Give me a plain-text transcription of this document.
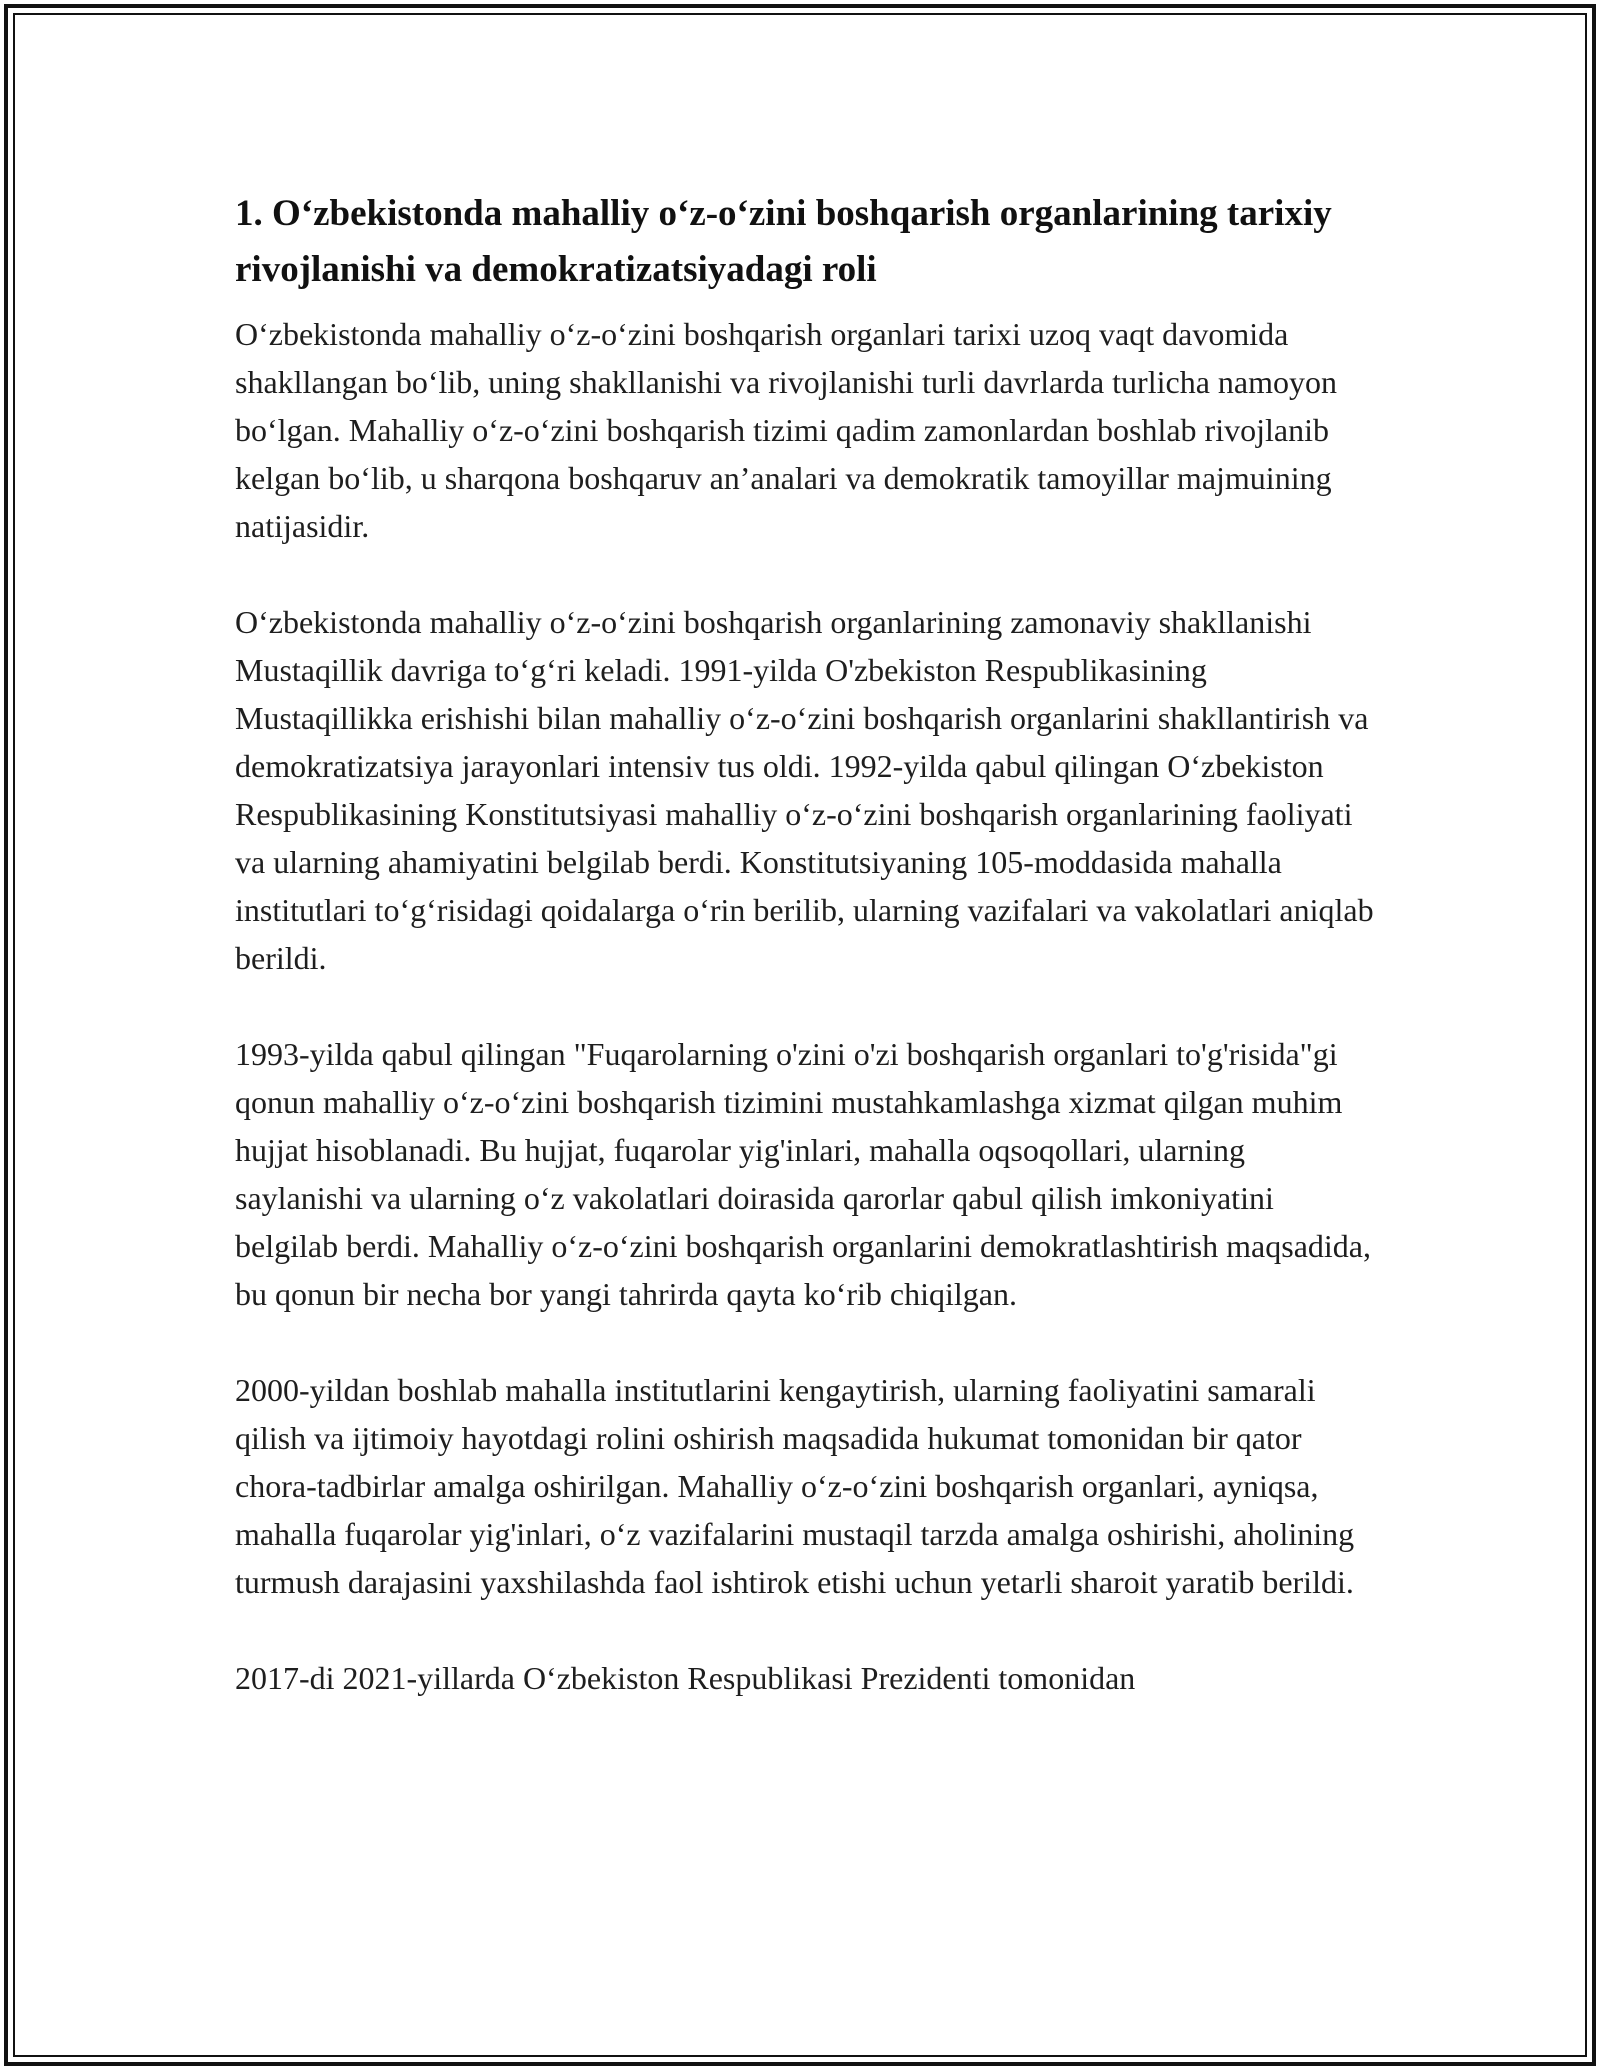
1. O‘zbekistonda mahalliy o‘z-o‘zini boshqarish organlarining tarixiy rivojlanishi va demokratizatsiyadagi roli

O‘zbekistonda mahalliy o‘z-o‘zini boshqarish organlari tarixi uzoq vaqt davomida shakllangan bo‘lib, uning shakllanishi va rivojlanishi turli davrlarda turlicha namoyon bo‘lgan. Mahalliy o‘z-o‘zini boshqarish tizimi qadim zamonlardan boshlab rivojlanib kelgan bo‘lib, u sharqona boshqaruv an’analari va demokratik tamoyillar majmuining natijasidir.

O‘zbekistonda mahalliy o‘z-o‘zini boshqarish organlarining zamonaviy shakllanishi Mustaqillik davriga to‘g‘ri keladi. 1991-yilda O'zbekiston Respublikasining Mustaqillikka erishishi bilan mahalliy o‘z-o‘zini boshqarish organlarini shakllantirish va demokratizatsiya jarayonlari intensiv tus oldi. 1992-yilda qabul qilingan O‘zbekiston Respublikasining Konstitutsiyasi mahalliy o‘z-o‘zini boshqarish organlarining faoliyati va ularning ahamiyatini belgilab berdi. Konstitutsiyaning 105-moddasida mahalla institutlari to‘g‘risidagi qoidalarga o‘rin berilib, ularning vazifalari va vakolatlari aniqlab berildi.

1993-yilda qabul qilingan "Fuqarolarning o'zini o'zi boshqarish organlari to'g'risida"gi qonun mahalliy o‘z-o‘zini boshqarish tizimini mustahkamlashga xizmat qilgan muhim hujjat hisoblanadi. Bu hujjat, fuqarolar yig'inlari, mahalla oqsoqollari, ularning saylanishi va ularning o‘z vakolatlari doirasida qarorlar qabul qilish imkoniyatini belgilab berdi. Mahalliy o‘z-o‘zini boshqarish organlarini demokratlashtirish maqsadida, bu qonun bir necha bor yangi tahrirda qayta ko‘rib chiqilgan.

2000-yildan boshlab mahalla institutlarini kengaytirish, ularning faoliyatini samarali qilish va ijtimoiy hayotdagi rolini oshirish maqsadida hukumat tomonidan bir qator chora-tadbirlar amalga oshirilgan. Mahalliy o‘z-o‘zini boshqarish organlari, ayniqsa, mahalla fuqarolar yig'inlari, o‘z vazifalarini mustaqil tarzda amalga oshirishi, aholining turmush darajasini yaxshilashda faol ishtirok etishi uchun yetarli sharoit yaratib berildi.

2017-di 2021-yillarda O‘zbekiston Respublikasi Prezidenti tomonidan
